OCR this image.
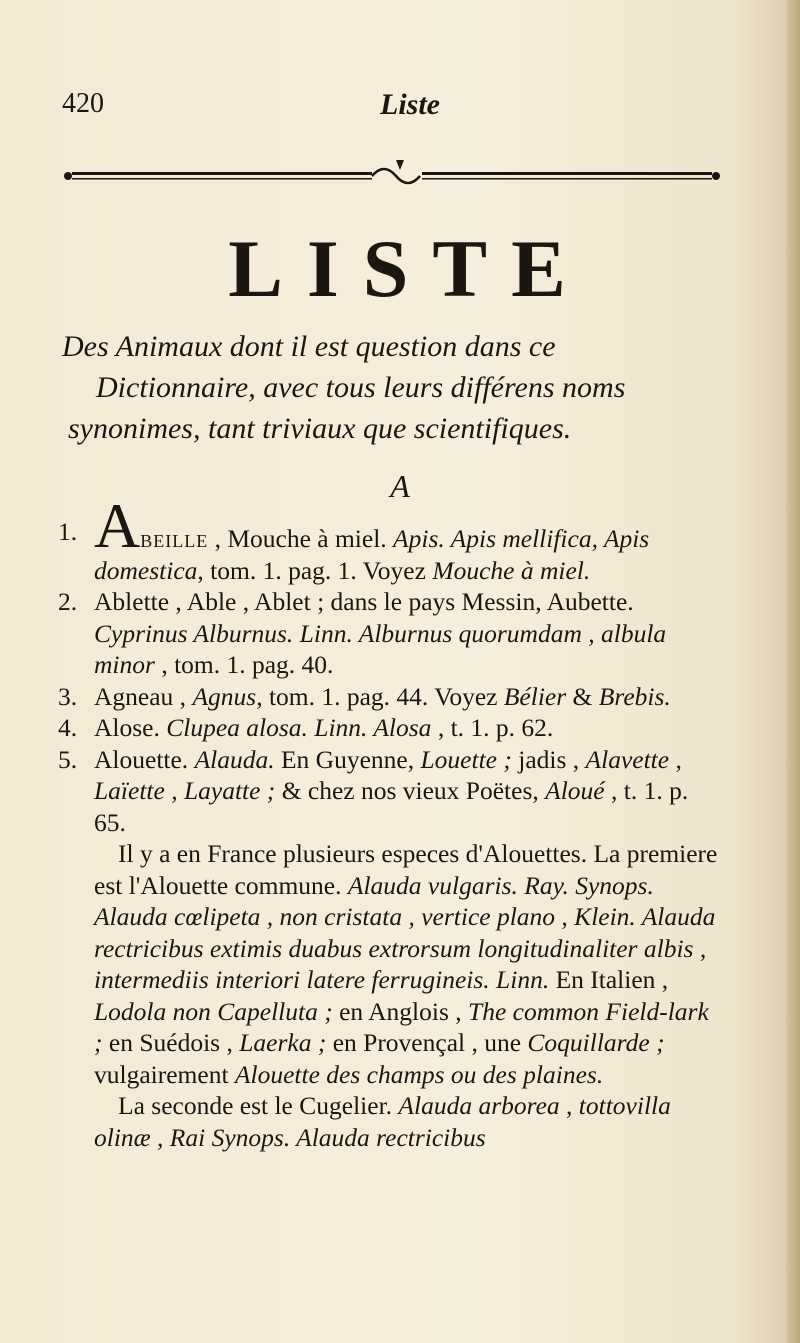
420	Liste
LISTE

Des Animaux dont il est question dans ce
Dictionnaire, avec tous leurs différens noms
synonimes, tant triviaux que scientifiques.

A

1. Abeille , Mouche à miel. Apis. Apis mellifica, Apis domestica, tom. 1. pag. 1. Voyez Mouche à miel.

2. Ablette , Able , Ablet ; dans le pays Messin, Aubette. Cyprinus Alburnus. Linn. Alburnus quorumdam , albula minor , tom. 1. pag. 40.

3. Agneau , Agnus, tom. 1. pag. 44. Voyez Bélier & Brebis.

4. Alose. Clupea alosa. Linn. Alosa , t. 1. p. 62.

5. Alouette. Alauda. En Guyenne, Louette ; jadis , Alavette , Laïette , Layatte ; & chez nos vieux Poëtes, Aloué , t. 1. p. 65.

Il y a en France plusieurs especes d'Alouettes. La premiere est l'Alouette commune. Alauda vulgaris. Ray. Synops. Alauda cœlipeta , non cristata , vertice plano , Klein. Alauda rectricibus extimis duabus extrorsum longitudinaliter albis , intermediis interiori latere ferrugineis. Linn. En Italien , Lodola non Capelluta ; en Anglois , The common Field-lark ; en Suédois , Laerka ; en Provençal , une Coquillarde ; vulgairement Alouette des champs ou des plaines.

La seconde est le Cugelier. Alauda arborea , tottovilla olinæ , Rai Synops. Alauda rectricibus
